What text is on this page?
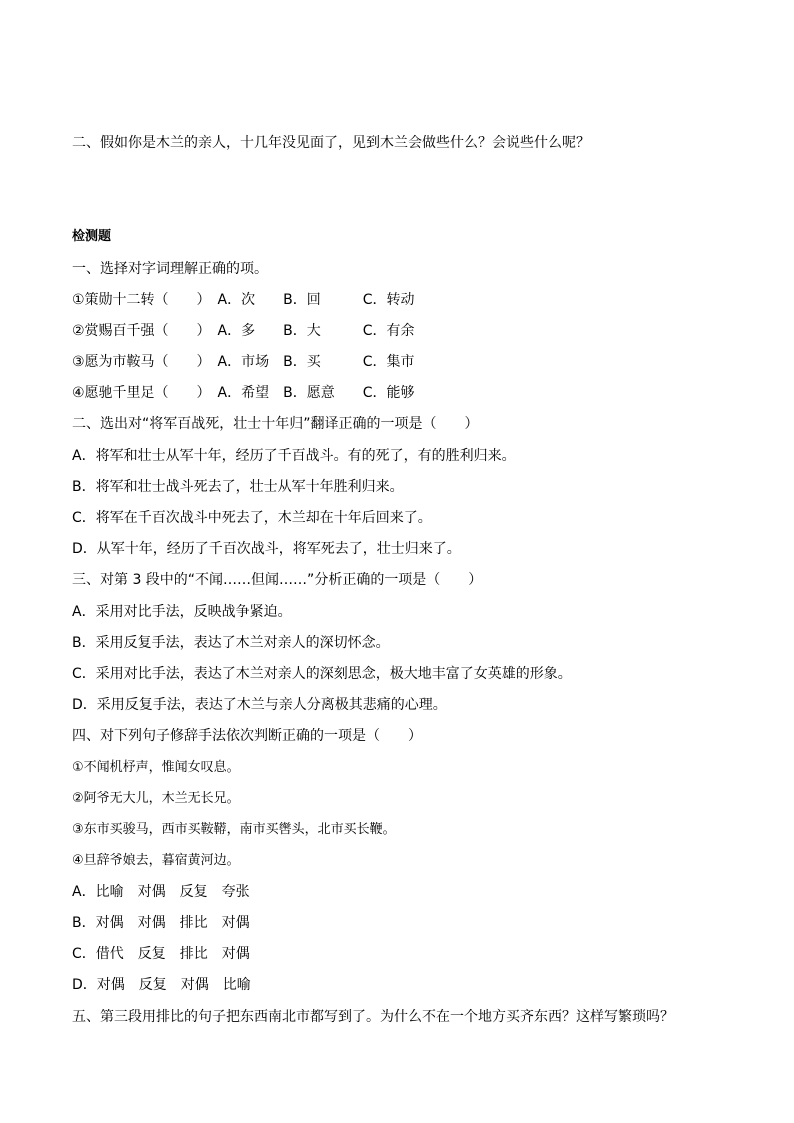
二、假如你是木兰的亲人，十几年没见面了，见到木兰会做些什么？会说些什么呢？
检测题
一、选择对字词理解正确的项。
①策勋十二转（　　）　A．次　　B．回　　　C．转动
②赏赐百千强（　　）　A．多　　B．大　　　C．有余
③愿为市鞍马（　　）　A．市场　B．买　　　C．集市
④愿驰千里足（　　）　A．希望　B．愿意　　C．能够
二、选出对“将军百战死，壮士十年归”翻译正确的一项是（　　）
A．将军和壮士从军十年，经历了千百战斗。有的死了，有的胜利归来。
B．将军和壮士战斗死去了，壮士从军十年胜利归来。
C．将军在千百次战斗中死去了，木兰却在十年后回来了。
D．从军十年，经历了千百次战斗，将军死去了，壮士归来了。
三、对第 3 段中的“不闻……但闻……”分析正确的一项是（　　）
A．采用对比手法，反映战争紧迫。
B．采用反复手法，表达了木兰对亲人的深切怀念。
C．采用对比手法，表达了木兰对亲人的深刻思念，极大地丰富了女英雄的形象。
D．采用反复手法，表达了木兰与亲人分离极其悲痛的心理。
四、对下列句子修辞手法依次判断正确的一项是（　　）
①不闻机杼声，惟闻女叹息。
②阿爷无大儿，木兰无长兄。
③东市买骏马，西市买鞍鞯，南市买辔头，北市买长鞭。
④旦辞爷娘去，暮宿黄河边。
A．比喻　对偶　反复　夸张
B．对偶　对偶　排比　对偶
C．借代　反复　排比　对偶
D．对偶　反复　对偶　比喻
五、第三段用排比的句子把东西南北市都写到了。为什么不在一个地方买齐东西？这样写繁琐吗？
